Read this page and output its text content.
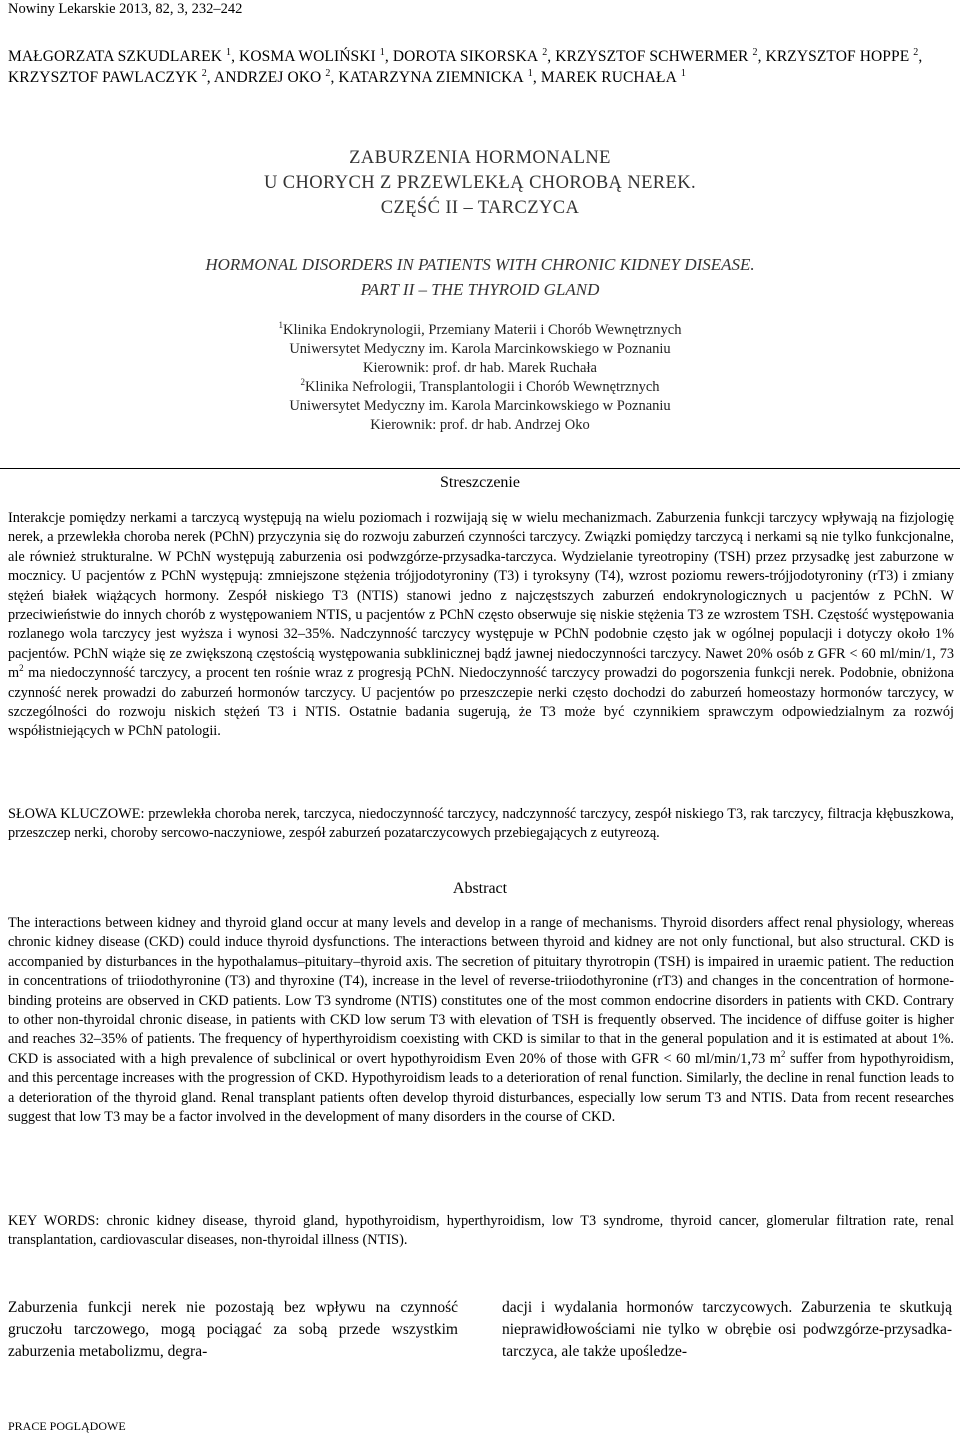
Nowiny Lekarskie 2013, 82, 3, 232–242
MAŁGORZATA SZKUDLAREK $^1$, KOSMA WOLIŃSKI $^1$, DOROTA SIKORSKA $^2$, KRZYSZTOF SCHWERMER $^2$, KRZYSZTOF HOPPE $^2$, KRZYSZTOF PAWLACZYK $^2$, ANDRZEJ OKO $^2$, KATARZYNA ZIEMNICKA $^1$, MAREK RUCHAŁA $^1$
ZABURZENIA HORMONALNE
U CHORYCH Z PRZEWLEKŁĄ CHOROBĄ NEREK.
CZĘŚĆ II – TARCZYCA
HORMONAL DISORDERS IN PATIENTS WITH CHRONIC KIDNEY DISEASE.
PART II – THE THYROID GLAND
$^1$Klinika Endokrynologii, Przemiany Materii i Chorób Wewnętrznych
Uniwersytet Medyczny im. Karola Marcinkowskiego w Poznaniu
Kierownik: prof. dr hab. Marek Ruchała
$^2$Klinika Nefrologii, Transplantologii i Chorób Wewnętrznych
Uniwersytet Medyczny im. Karola Marcinkowskiego w Poznaniu
Kierownik: prof. dr hab. Andrzej Oko
Streszczenie
Interakcje pomiędzy nerkami a tarczycą występują na wielu poziomach i rozwijają się w wielu mechanizmach. Zaburzenia funkcji tarczycy wpływają na fizjologię nerek, a przewlekła choroba nerek (PChN) przyczynia się do rozwoju zaburzeń czynności tarczycy. Związki pomiędzy tarczycą i nerkami są nie tylko funkcjonalne, ale również strukturalne. W PChN występują zaburzenia osi podwzgórze-przysadka-tarczyca. Wydzielanie tyreotropiny (TSH) przez przysadkę jest zaburzone w mocznicy. U pacjentów z PChN występują: zmniejszone stężenia trójjodotyroniny (T3) i tyroksyny (T4), wzrost poziomu rewers-trójjodotyroniny (rT3) i zmiany stężeń białek wiążących hormony. Zespół niskiego T3 (NTIS) stanowi jedno z najczęstszych zaburzeń endokrynologicznych u pacjentów z PChN. W przeciwieństwie do innych chorób z występowaniem NTIS, u pacjentów z PChN często obserwuje się niskie stężenia T3 ze wzrostem TSH. Częstość występowania rozlanego wola tarczycy jest wyższa i wynosi 32–35%. Nadczynność tarczycy występuje w PChN podobnie często jak w ogólnej populacji i dotyczy około 1% pacjentów. PChN wiąże się ze zwiększoną częstością występowania subklinicznej bądź jawnej niedoczynności tarczycy. Nawet 20% osób z GFR < 60 ml/min/1, 73 $m^2$ ma niedoczynność tarczycy, a procent ten rośnie wraz z progresją PChN. Niedoczynność tarczycy prowadzi do pogorszenia funkcji nerek. Podobnie, obniżona czynność nerek prowadzi do zaburzeń hormonów tarczycy. U pacjentów po przeszczepie nerki często dochodzi do zaburzeń homeostazy hormonów tarczycy, w szczególności do rozwoju niskich stężeń T3 i NTIS. Ostatnie badania sugerują, że T3 może być czynnikiem sprawczym odpowiedzialnym za rozwój współistniejących w PChN patologii.
SŁOWA KLUCZOWE: przewlekła choroba nerek, tarczyca, niedoczynność tarczycy, nadczynność tarczycy, zespół niskiego T3, rak tarczycy, filtracja kłębuszkowa, przeszczep nerki, choroby sercowo-naczyniowe, zespół zaburzeń pozatarczycowych przebiegających z eutyreozą.
Abstract
The interactions between kidney and thyroid gland occur at many levels and develop in a range of mechanisms. Thyroid disorders affect renal physiology, whereas chronic kidney disease (CKD) could induce thyroid dysfunctions. The interactions between thyroid and kidney are not only functional, but also structural. CKD is accompanied by disturbances in the hypothalamus–pituitary–thyroid axis. The secretion of pituitary thyrotropin (TSH) is impaired in uraemic patient. The reduction in concentrations of triiodothyronine (T3) and thyroxine (T4), increase in the level of reverse-triiodothyronine (rT3) and changes in the concentration of hormone-binding proteins are observed in CKD patients. Low T3 syndrome (NTIS) constitutes one of the most common endocrine disorders in patients with CKD. Contrary to other non-thyroidal chronic disease, in patients with CKD low serum T3 with elevation of TSH is frequently observed. The incidence of diffuse goiter is higher and reaches 32–35% of patients. The frequency of hyperthyroidism coexisting with CKD is similar to that in the general population and it is estimated at about 1%. CKD is associated with a high prevalence of subclinical or overt hypothyroidism Even 20% of those with GFR < 60 ml/min/1,73 $m^2$ suffer from hypothyroidism, and this percentage increases with the progression of CKD. Hypothyroidism leads to a deterioration of renal function. Similarly, the decline in renal function leads to a deterioration of the thyroid gland. Renal transplant patients often develop thyroid disturbances, especially low serum T3 and NTIS. Data from recent researches suggest that low T3 may be a factor involved in the development of many disorders in the course of CKD.
KEY WORDS: chronic kidney disease, thyroid gland, hypothyroidism, hyperthyroidism, low T3 syndrome, thyroid cancer, glomerular filtration rate, renal transplantation, cardiovascular diseases, non-thyroidal illness (NTIS).
Zaburzenia funkcji nerek nie pozostają bez wpływu na czynność gruczołu tarczowego, mogą pociągać za sobą przede wszystkim zaburzenia metabolizmu, degra-
dacji i wydalania hormonów tarczycowych. Zaburzenia te skutkują nieprawidłowościami nie tylko w obrębie osi podwzgórze-przysadka-tarczyca, ale także upośledze-
PRACE POGLĄDOWE
